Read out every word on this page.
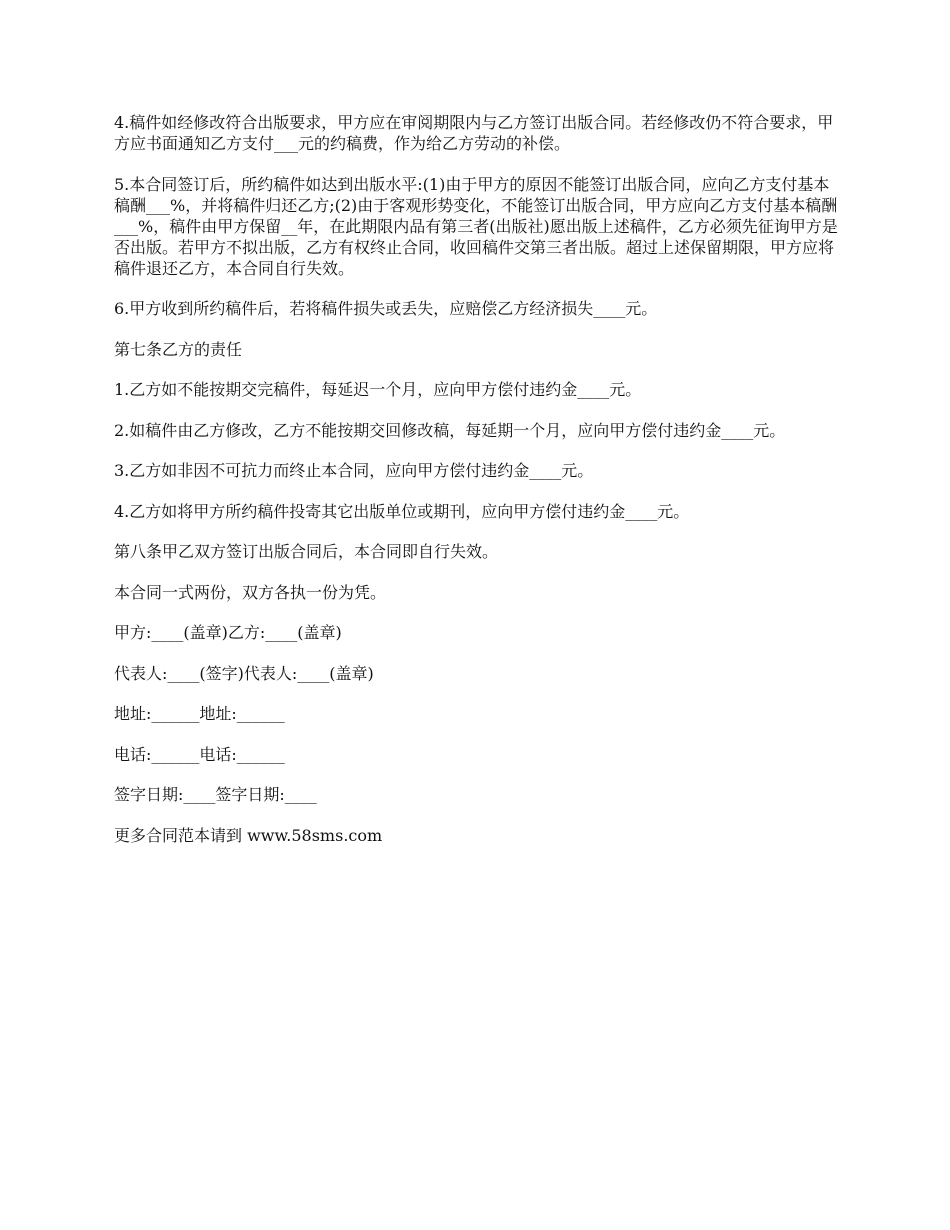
4.稿件如经修改符合出版要求，甲方应在审阅期限内与乙方签订出版合同。若经修改仍不符合要求，甲方应书面通知乙方支付___元的约稿费，作为给乙方劳动的补偿。

5.本合同签订后，所约稿件如达到出版水平:(1)由于甲方的原因不能签订出版合同，应向乙方支付基本稿酬___%，并将稿件归还乙方;(2)由于客观形势变化，不能签订出版合同，甲方应向乙方支付基本稿酬___%，稿件由甲方保留__年，在此期限内品有第三者(出版社)愿出版上述稿件，乙方必须先征询甲方是否出版。若甲方不拟出版，乙方有权终止合同，收回稿件交第三者出版。超过上述保留期限，甲方应将稿件退还乙方，本合同自行失效。

6.甲方收到所约稿件后，若将稿件损失或丢失，应赔偿乙方经济损失____元。

第七条乙方的责任

1.乙方如不能按期交完稿件，每延迟一个月，应向甲方偿付违约金____元。

2.如稿件由乙方修改，乙方不能按期交回修改稿，每延期一个月，应向甲方偿付违约金____元。

3.乙方如非因不可抗力而终止本合同，应向甲方偿付违约金____元。

4.乙方如将甲方所约稿件投寄其它出版单位或期刊，应向甲方偿付违约金____元。

第八条甲乙双方签订出版合同后，本合同即自行失效。

本合同一式两份，双方各执一份为凭。

甲方:____(盖章)乙方:____(盖章)

代表人:____(签字)代表人:____(盖章)

地址:______地址:______

电话:______电话:______

签字日期:____签字日期:____

更多合同范本请到 www.58sms.com
